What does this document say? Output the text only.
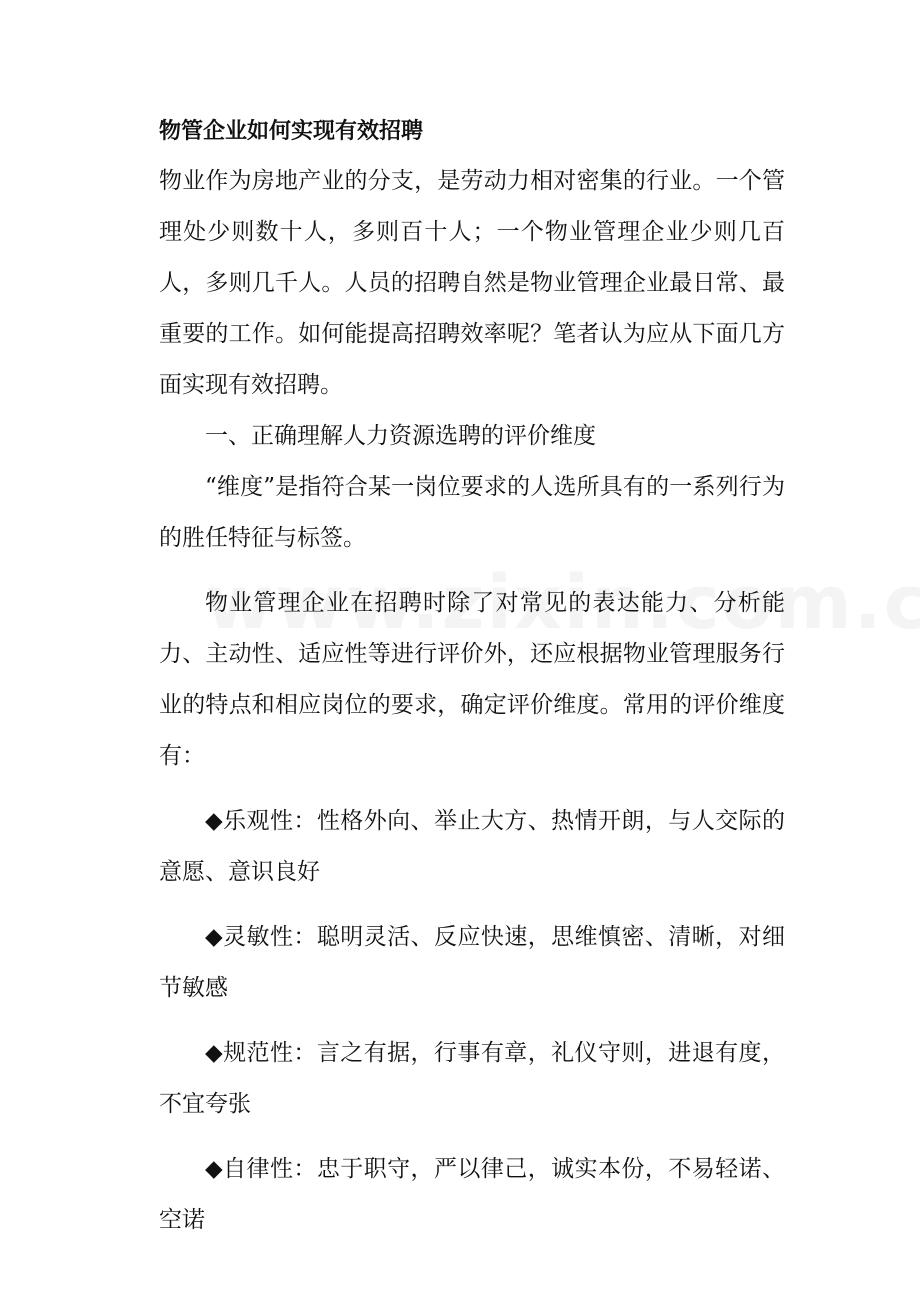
物管企业如何实现有效招聘

物业作为房地产业的分支，是劳动力相对密集的行业。一个管理处少则数十人，多则百十人；一个物业管理企业少则几百人，多则几千人。人员的招聘自然是物业管理企业最日常、最重要的工作。如何能提高招聘效率呢？笔者认为应从下面几方面实现有效招聘。

一、正确理解人力资源选聘的评价维度

“维度”是指符合某一岗位要求的人选所具有的一系列行为的胜任特征与标签。

物业管理企业在招聘时除了对常见的表达能力、分析能力、主动性、适应性等进行评价外，还应根据物业管理服务行业的特点和相应岗位的要求，确定评价维度。常用的评价维度有：

◆乐观性：性格外向、举止大方、热情开朗，与人交际的意愿、意识良好

◆灵敏性：聪明灵活、反应快速，思维慎密、清晰，对细节敏感

◆规范性：言之有据，行事有章，礼仪守则，进退有度，不宜夸张

◆自律性：忠于职守，严以律己，诚实本份，不易轻诺、空诺
